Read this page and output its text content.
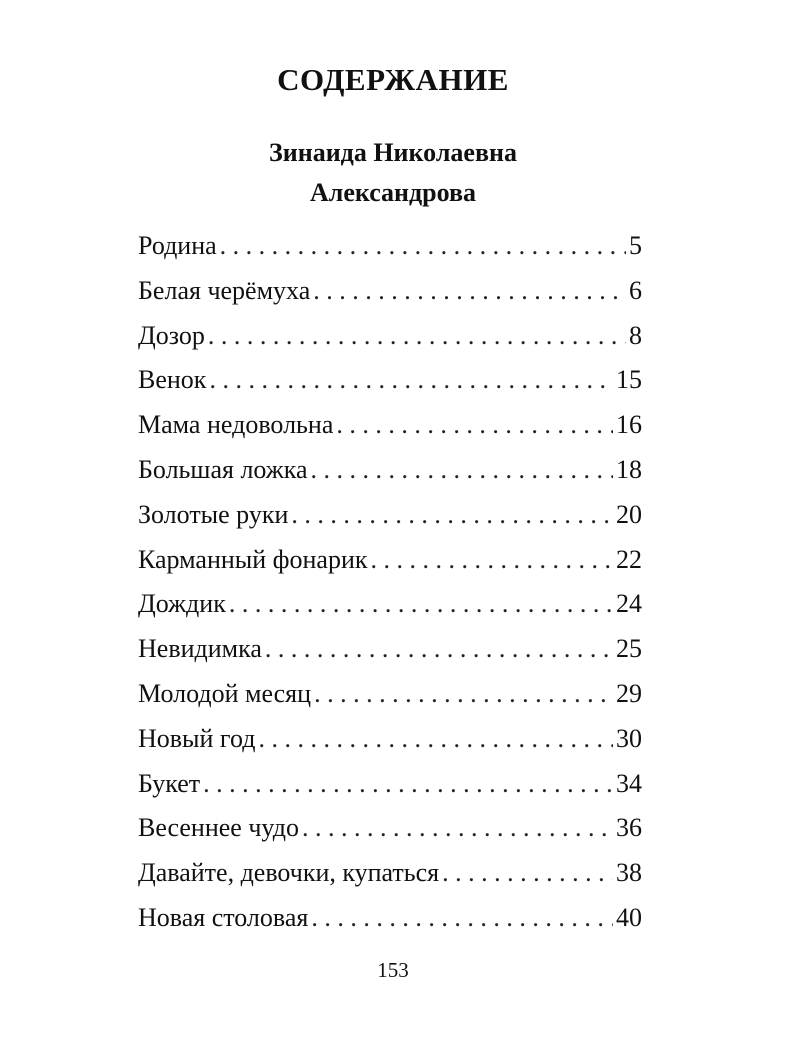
СОДЕРЖАНИЕ
Зинаида Николаевна
Александрова
Родина . . .	5
Белая черёмуха . . .	6
Дозор . . .	8
Венок . . .	15
Мама недовольна . . .	16
Большая ложка . . .	18
Золотые руки . . .	20
Карманный фонарик . . .	22
Дождик . . .	24
Невидимка . . .	25
Молодой месяц . . .	29
Новый год . . .	30
Букет . . .	34
Весеннее чудо . . .	36
Давайте, девочки, купаться . . .	38
Новая столовая . . .	40
153
